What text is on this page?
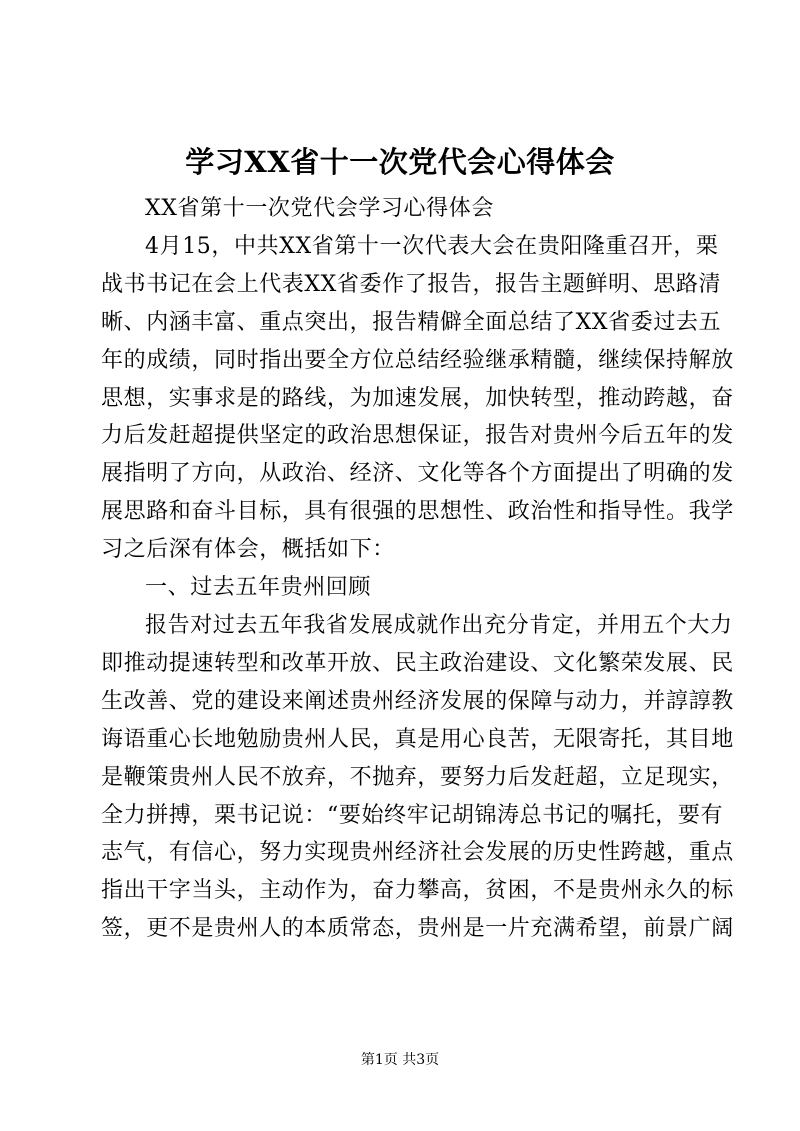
学习XX省十一次党代会心得体会

XX省第十一次党代会学习心得体会

4月15，中共XX省第十一次代表大会在贵阳隆重召开，栗
战书书记在会上代表XX省委作了报告，报告主题鲜明、思路清
晰、内涵丰富、重点突出，报告精僻全面总结了XX省委过去五
年的成绩，同时指出要全方位总结经验继承精髓，继续保持解放
思想，实事求是的路线，为加速发展，加快转型，推动跨越，奋
力后发赶超提供坚定的政治思想保证，报告对贵州今后五年的发
展指明了方向，从政治、经济、文化等各个方面提出了明确的发
展思路和奋斗目标，具有很强的思想性、政治性和指导性。我学
习之后深有体会，概括如下：

一、过去五年贵州回顾

报告对过去五年我省发展成就作出充分肯定，并用五个大力
即推动提速转型和改革开放、民主政治建设、文化繁荣发展、民
生改善、党的建设来阐述贵州经济发展的保障与动力，并諄諄教
诲语重心长地勉励贵州人民，真是用心良苦，无限寄托，其目地
是鞭策贵州人民不放弃，不抛弃，要努力后发赶超，立足现实，
全力拼搏，栗书记说：“要始终牢记胡锦涛总书记的嘱托，要有
志气，有信心，努力实现贵州经济社会发展的历史性跨越，重点
指出干字当头，主动作为，奋力攀高，贫困，不是贵州永久的标
签，更不是贵州人的本质常态，贵州是一片充满希望，前景广阔

第1页 共3页
